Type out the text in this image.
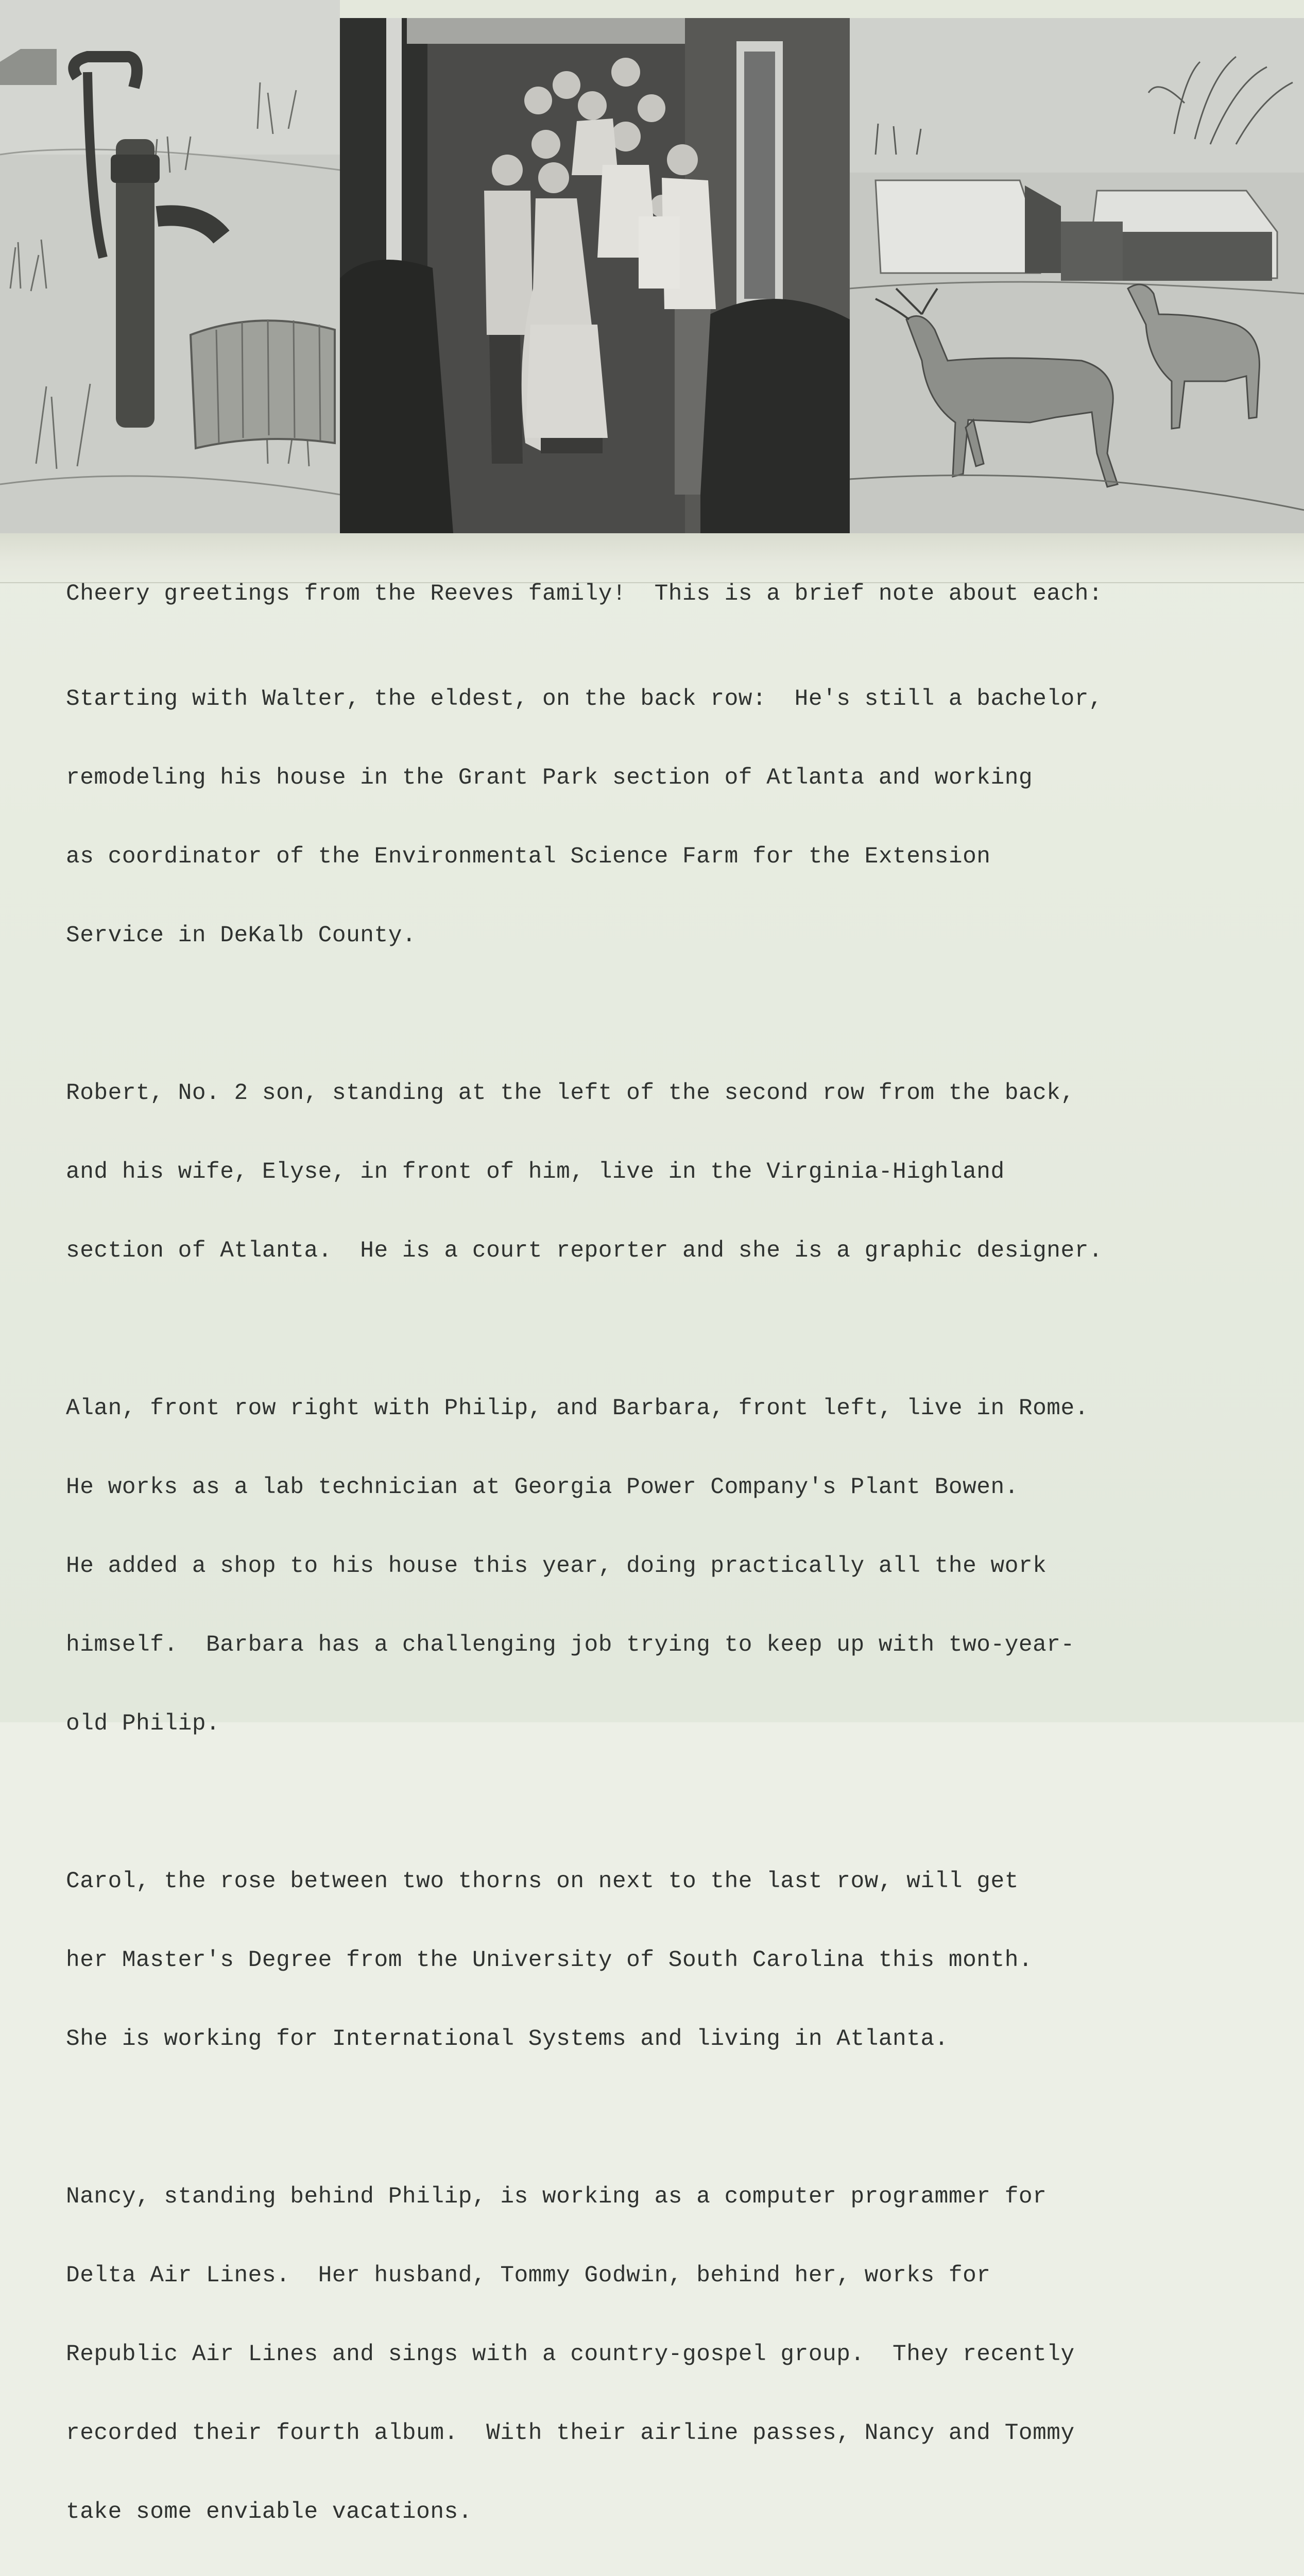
Cheery greetings from the Reeves family!  This is a brief note about each:

Starting with Walter, the eldest, on the back row:  He's still a bachelor,

remodeling his house in the Grant Park section of Atlanta and working

as coordinator of the Environmental Science Farm for the Extension

Service in DeKalb County.

Robert, No. 2 son, standing at the left of the second row from the back,

and his wife, Elyse, in front of him, live in the Virginia-Highland

section of Atlanta.  He is a court reporter and she is a graphic designer.

Alan, front row right with Philip, and Barbara, front left, live in Rome.

He works as a lab technician at Georgia Power Company's Plant Bowen.

He added a shop to his house this year, doing practically all the work

himself.  Barbara has a challenging job trying to keep up with two-year-

old Philip.

Carol, the rose between two thorns on next to the last row, will get

her Master's Degree from the University of South Carolina this month.

She is working for International Systems and living in Atlanta.

Nancy, standing behind Philip, is working as a computer programmer for

Delta Air Lines.  Her husband, Tommy Godwin, behind her, works for

Republic Air Lines and sings with a country-gospel group.  They recently

recorded their fourth album.  With their airline passes, Nancy and Tommy

take some enviable vacations.
